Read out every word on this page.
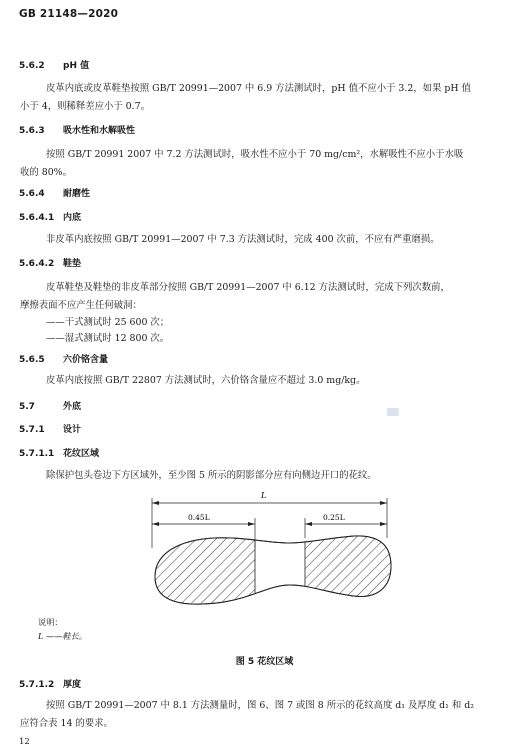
GB 21148—2020
5.6.2 pH 值
皮革内底或皮革鞋垫按照 GB/T 20991—2007 中 6.9 方法测试时，pH 值不应小于 3.2，如果 pH 值
小于 4，则稀释差应小于 0.7。
5.6.3 吸水性和水解吸性
按照 GB/T 20991 2007 中 7.2 方法测试时，吸水性不应小于 70 mg/cm²，水解吸性不应小于水吸
收的 80%。
5.6.4 耐磨性
5.6.4.1 内底
非皮革内底按照 GB/T 20991—2007 中 7.3 方法测试时，完成 400 次前，不应有严重磨损。
5.6.4.2 鞋垫
皮革鞋垫及鞋垫的非皮革部分按照 GB/T 20991—2007 中 6.12 方法测试时，完成下列次数前，
摩擦表面不应产生任何破洞：
——干式测试时 25 600 次；
——湿式测试时 12 800 次。
5.6.5 六价铬含量
皮革内底按照 GB/T 22807 方法测试时，六价铬含量应不超过 3.0 mg/kg。
5.7	外底
5.7.1 设计
5.7.1.1 花纹区域
除保护包头卷边下方区域外，至少图 5 所示的阴影部分应有向侧边开口的花纹。
L
0.45L	0.25L
说明：
L ——鞋长。
图 5 花纹区域
5.7.1.2 厚度
按照 GB/T 20991—2007 中 8.1 方法测量时，图 6、图 7 或图 8 所示的花纹高度 d₁ 及厚度 d₁ 和 d₂
应符合表 14 的要求。
12
